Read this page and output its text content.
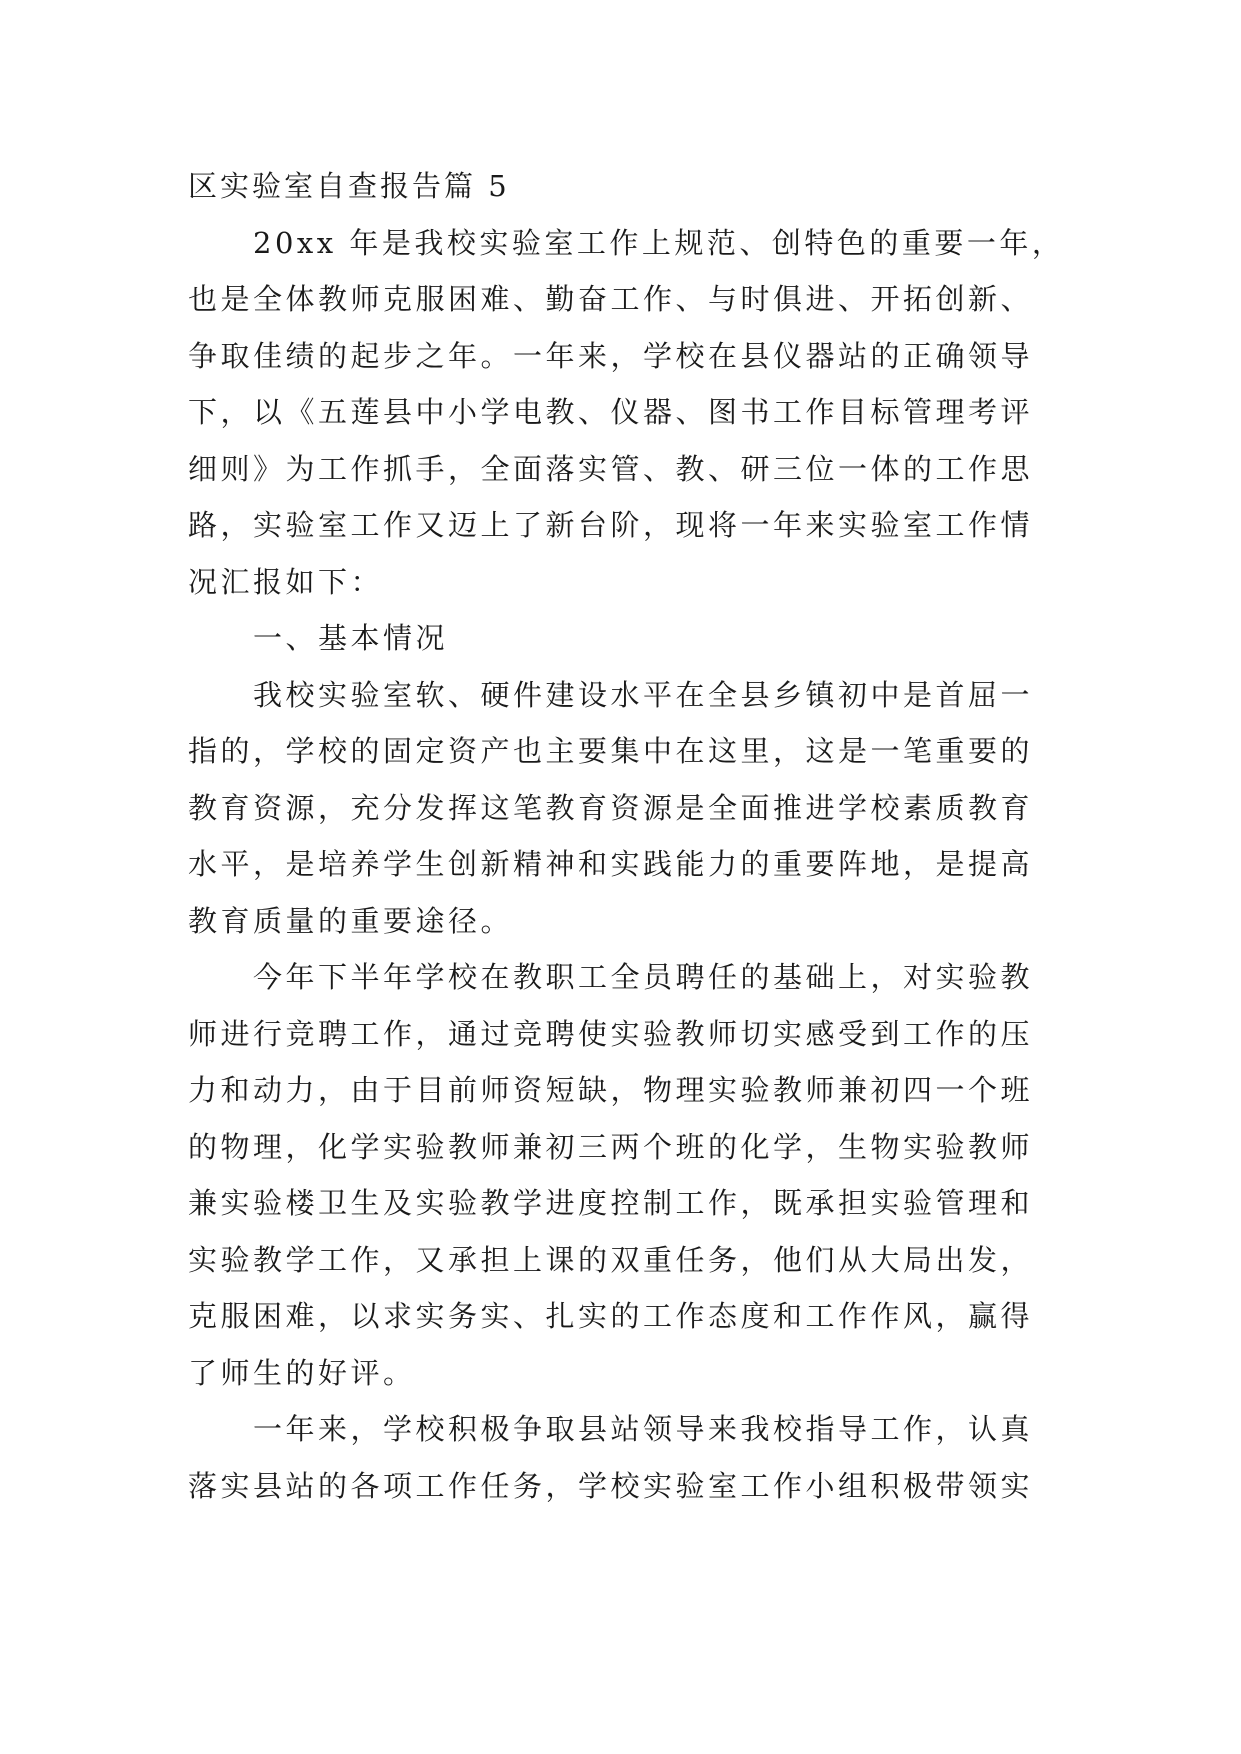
区实验室自查报告篇 5
20xx 年是我校实验室工作上规范、创特色的重要一年，
也是全体教师克服困难、勤奋工作、与时俱进、开拓创新、
争取佳绩的起步之年。一年来，学校在县仪器站的正确领导
下，以《五莲县中小学电教、仪器、图书工作目标管理考评
细则》为工作抓手，全面落实管、教、研三位一体的工作思
路，实验室工作又迈上了新台阶，现将一年来实验室工作情
况汇报如下：
一、基本情况
我校实验室软、硬件建设水平在全县乡镇初中是首屈一
指的，学校的固定资产也主要集中在这里，这是一笔重要的
教育资源，充分发挥这笔教育资源是全面推进学校素质教育
水平，是培养学生创新精神和实践能力的重要阵地，是提高
教育质量的重要途径。
今年下半年学校在教职工全员聘任的基础上，对实验教
师进行竞聘工作，通过竞聘使实验教师切实感受到工作的压
力和动力，由于目前师资短缺，物理实验教师兼初四一个班
的物理，化学实验教师兼初三两个班的化学，生物实验教师
兼实验楼卫生及实验教学进度控制工作，既承担实验管理和
实验教学工作，又承担上课的双重任务，他们从大局出发，
克服困难，以求实务实、扎实的工作态度和工作作风，赢得
了师生的好评。
一年来，学校积极争取县站领导来我校指导工作，认真
落实县站的各项工作任务，学校实验室工作小组积极带领实
